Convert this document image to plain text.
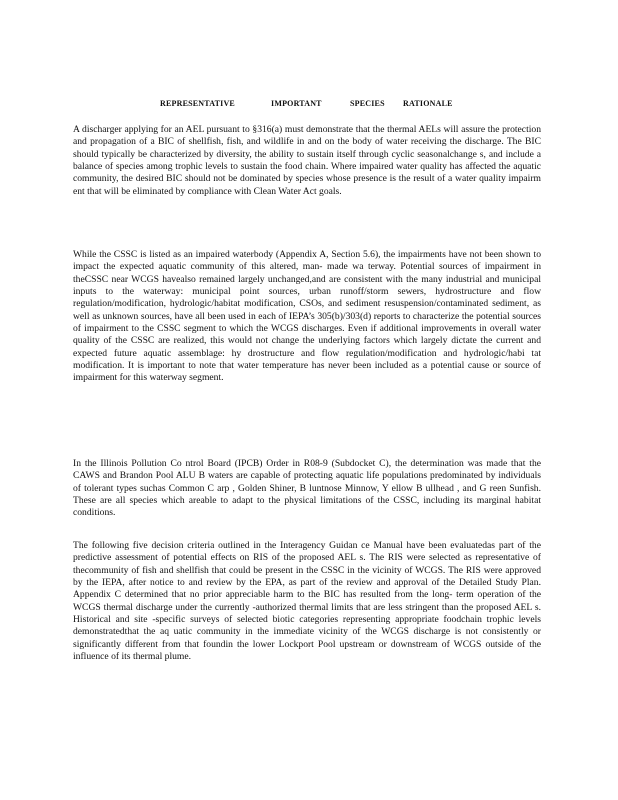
REPRESENTATIVE	IMPORTANT	SPECIES RATIONALE

A discharger applying for an AEL pursuant to §316(a) must demonstrate that the thermal AELs will assure the protection and propagation of a BIC of shellfish, fish, and wildlife in and on the body of water receiving the discharge. The BIC should typically be characterized by diversity, the ability to sustain itself through cyclic seasonalchange s, and include a balance of species among trophic levels to sustain the food chain. Where impaired water quality has affected the aquatic community, the desired BIC should not be dominated by species whose presence is the result of a water quality impairm ent that will be eliminated by compliance with Clean Water Act goals.

While the CSSC is listed as an impaired waterbody (Appendix A, Section 5.6), the impairments have not been shown to impact the expected aquatic community of this altered, man- made wa terway. Potential sources of impairment in theCSSC near WCGS havealso remained largely unchanged,and are consistent with the many industrial and municipal inputs to the waterway: municipal point sources, urban runoff/storm sewers, hydrostructure and flow regulation/modification, hydrologic/habitat modification, CSOs, and sediment resuspension/contaminated sediment, as well as unknown sources, have all been used in each of IEPA’s 305(b)/303(d) reports to characterize the potential sources of impairment to the CSSC segment to which the WCGS discharges. Even if additional improvements in overall water quality of the CSSC are realized, this would not change the underlying factors which largely dictate the current and expected future aquatic assemblage: hy drostructure and flow regulation/modification and hydrologic/habi tat modification. It is important to note that water temperature has never been included as a potential cause or source of impairment for this waterway segment.

In the Illinois Pollution Co ntrol Board (IPCB) Order in R08-9 (Subdocket C), the determination was made that the CAWS and Brandon Pool ALU B waters are capable of protecting aquatic life populations predominated by individuals of tolerant types suchas Common C arp , Golden Shiner, B luntnose Minnow, Y ellow B ullhead , and G reen Sunfish. These are all species which areable to adapt to the physical limitations of the CSSC, including its marginal habitat conditions.

The following five decision criteria outlined in the Interagency Guidan ce Manual have been evaluatedas part of the predictive assessment of potential effects on RIS of the proposed AEL s. The RIS were selected as representative of thecommunity of fish and shellfish that could be present in the CSSC in the vicinity of WCGS. The RIS were approved by the IEPA, after notice to and review by the EPA, as part of the review and approval of the Detailed Study Plan. Appendix C determined that no prior appreciable harm to the BIC has resulted from the long- term operation of the WCGS thermal discharge under the currently -authorized thermal limits that are less stringent than the proposed AEL s. Historical and site -specific surveys of selected biotic categories representing appropriate foodchain trophic levels demonstratedthat the aq uatic community in the immediate vicinity of the WCGS discharge is not consistently or significantly different from that foundin the lower Lockport Pool upstream or downstream of WCGS outside of the influence of its thermal plume.
